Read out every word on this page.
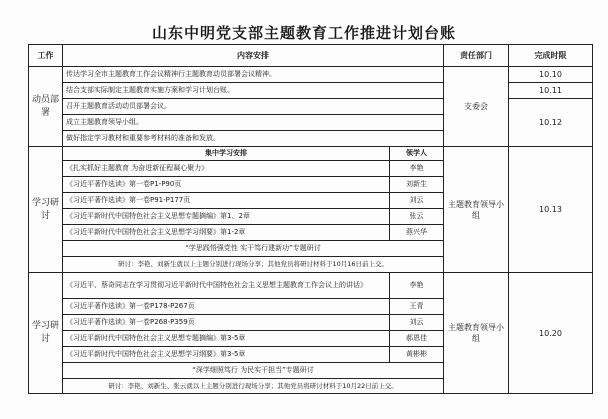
山东中明党支部主题教育工作推进计划台账
工作	内容安排		责任部门	完成时限
动员部署	传达学习全市主题教育工作会议精神行主题教育动员部署会议精神。		支委会	10.10
	结合支部实际制定主题教育实施方案和学习计划台账。			10.11
	召开主题教育活动动员部署会议。			10.12
	成立主题教育领导小组。			
	做好指定学习教材和重要参考材料的准备和发放。			
学习研讨	集中学习安排	领学人	主题教育领导小组	10.13
	《扎实抓好主题教育 为奋进新征程凝心聚力》	李艳		
	《习近平著作选读》第一卷P1-P90页	刘新生		
	《习近平著作选读》第一卷P91-P177页	刘云		
	《习近平新时代中国特色社会主义思想专题摘编》第1、2章	张云		
	《习近平新时代中国特色社会主义思想学习纲要》第1-2章	燕兴华		
	“学思践悟强党性 实干笃行建新功”专题研讨			
	研讨：李艳、刘新生就以上主题分别进行现场分享；其他党员将研讨材料于10月16日前上交。			
学习研讨	《习近平、蔡奇同志在学习贯彻习近平新时代中国特色社会主义思想主题教育工作会议上的讲话》	李艳	主题教育领导小组	10.20
	《习近平著作选读》第一卷P178-P267页	王青		
	《习近平著作选读》第一卷P268-P359页	刘云		
	《习近平新时代中国特色社会主义思想专题摘编》第3-5章	郝恩佳		
	《习近平新时代中国特色社会主义思想学习纲要》第3-5章	黄彬彬		
	“深学细照笃行 为民实干担当”专题研讨			
	研讨：李艳、刘新生、张云就以上主题分别进行现场分享；其他党员将研讨材料于10月22日前上交。			
